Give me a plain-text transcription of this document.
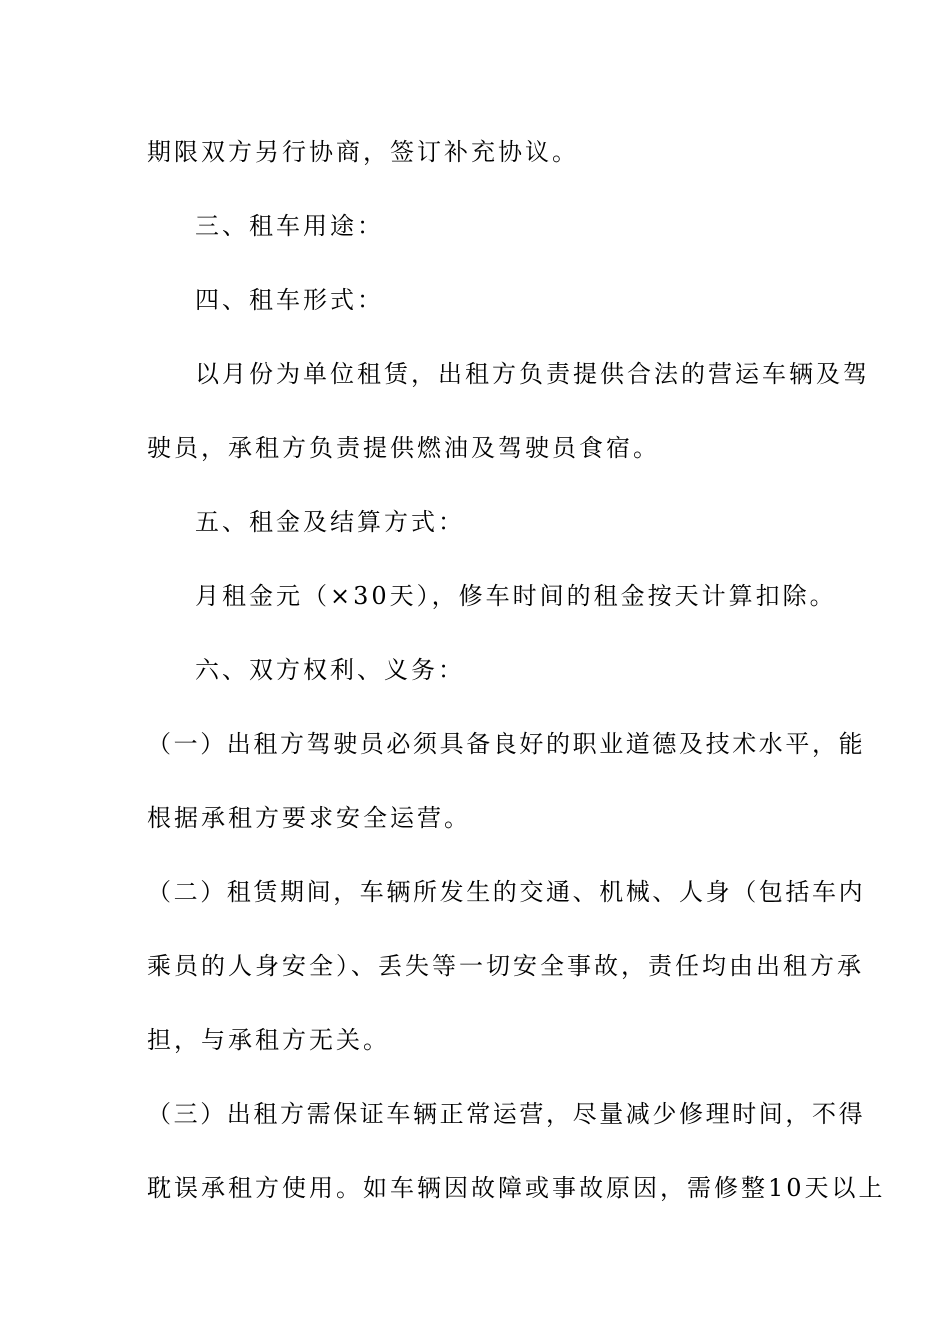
期限双方另行协商，签订补充协议。
三、租车用途：
四、租车形式：
以月份为单位租赁，出租方负责提供合法的营运车辆及驾
驶员，承租方负责提供燃油及驾驶员食宿。
五、租金及结算方式：
月租金元（×30天），修车时间的租金按天计算扣除。
六、双方权利、义务：
（一）出租方驾驶员必须具备良好的职业道德及技术水平，能
根据承租方要求安全运营。
（二）租赁期间，车辆所发生的交通、机械、人身（包括车内
乘员的人身安全）、丢失等一切安全事故，责任均由出租方承
担，与承租方无关。
（三）出租方需保证车辆正常运营，尽量减少修理时间，不得
耽误承租方使用。如车辆因故障或事故原因，需修整10天以上
